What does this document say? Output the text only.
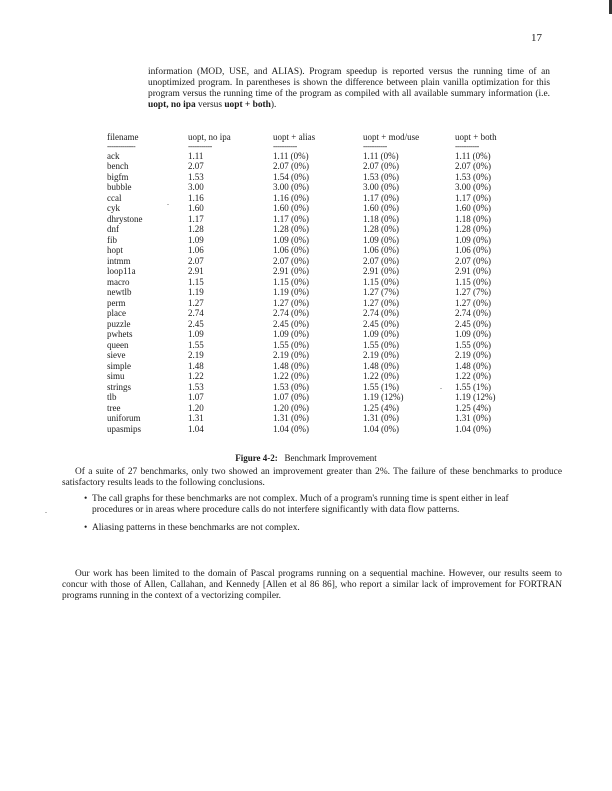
17
information (MOD, USE, and ALIAS). Program speedup is reported versus the running time of an unoptimized program. In parentheses is shown the difference between plain vanilla optimization for this program versus the running time of the program as compiled with all available summary information (i.e. uopt, no ipa versus uopt + both).
filename	uopt, no ipa	uopt + alias	uopt + mod/use	uopt + both
-------------	-----------	-----------	-----------	-----------
ack	1.11	1.11 (0%)	1.11 (0%)	1.11 (0%)
bench	2.07	2.07 (0%)	2.07 (0%)	2.07 (0%)
bigfm	1.53	1.54 (0%)	1.53 (0%)	1.53 (0%)
bubble	3.00	3.00 (0%)	3.00 (0%)	3.00 (0%)
ccal	1.16	1.16 (0%)	1.17 (0%)	1.17 (0%)
cyk	1.60	1.60 (0%)	1.60 (0%)	1.60 (0%)
dhrystone	1.17	1.17 (0%)	1.18 (0%)	1.18 (0%)
dnf	1.28	1.28 (0%)	1.28 (0%)	1.28 (0%)
fib	1.09	1.09 (0%)	1.09 (0%)	1.09 (0%)
hopt	1.06	1.06 (0%)	1.06 (0%)	1.06 (0%)
intmm	2.07	2.07 (0%)	2.07 (0%)	2.07 (0%)
loop11a	2.91	2.91 (0%)	2.91 (0%)	2.91 (0%)
macro	1.15	1.15 (0%)	1.15 (0%)	1.15 (0%)
newtlb	1.19	1.19 (0%)	1.27 (7%)	1.27 (7%)
perm	1.27	1.27 (0%)	1.27 (0%)	1.27 (0%)
place	2.74	2.74 (0%)	2.74 (0%)	2.74 (0%)
puzzle	2.45	2.45 (0%)	2.45 (0%)	2.45 (0%)
pwhets	1.09	1.09 (0%)	1.09 (0%)	1.09 (0%)
queen	1.55	1.55 (0%)	1.55 (0%)	1.55 (0%)
sieve	2.19	2.19 (0%)	2.19 (0%)	2.19 (0%)
simple	1.48	1.48 (0%)	1.48 (0%)	1.48 (0%)
simu	1.22	1.22 (0%)	1.22 (0%)	1.22 (0%)
strings	1.53	1.53 (0%)	1.55 (1%)	1.55 (1%)
tlb	1.07	1.07 (0%)	1.19 (12%)	1.19 (12%)
tree	1.20	1.20 (0%)	1.25 (4%)	1.25 (4%)
uniforum	1.31	1.31 (0%)	1.31 (0%)	1.31 (0%)
upasmips	1.04	1.04 (0%)	1.04 (0%)	1.04 (0%)
Figure 4-2: Benchmark Improvement
Of a suite of 27 benchmarks, only two showed an improvement greater than 2%. The failure of these benchmarks to produce satisfactory results leads to the following conclusions.
• The call graphs for these benchmarks are not complex. Much of a program's running time is spent either in leaf procedures or in areas where procedure calls do not interfere significantly with data flow patterns.
• Aliasing patterns in these benchmarks are not complex.
Our work has been limited to the domain of Pascal programs running on a sequential machine. However, our results seem to concur with those of Allen, Callahan, and Kennedy [Allen et al 86 86], who report a similar lack of improvement for FORTRAN programs running in the context of a vectorizing compiler.
